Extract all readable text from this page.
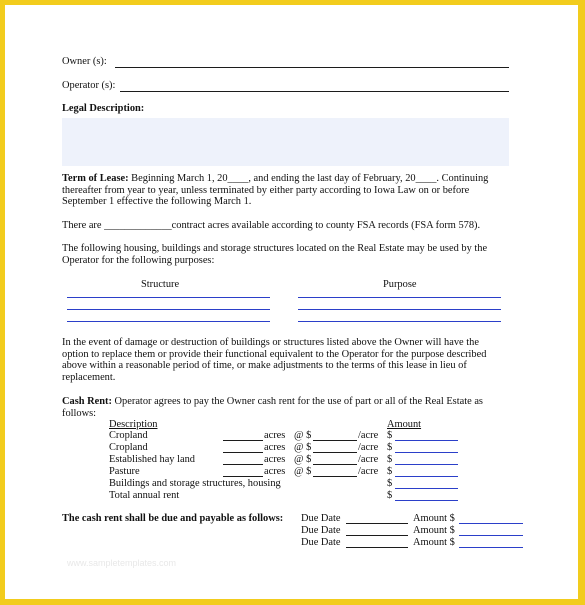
Owner (s):
Operator (s):
Legal Description:
Term of Lease: Beginning March 1, 20____, and ending the last day of February, 20____. Continuing
thereafter from year to year, unless terminated by either party according to Iowa Law on or before
September 1 effective the following March 1.
There are _____________contract acres available according to county FSA records (FSA form 578).
The following housing, buildings and storage structures located on the Real Estate may be used by the
Operator for the following purposes:
Structure	Purpose
In the event of damage or destruction of buildings or structures listed above the Owner will have the
option to replace them or provide their functional equivalent to the Operator for the purpose described
above within a reasonable period of time, or make adjustments to the terms of this lease in lieu of
replacement.
Cash Rent: Operator agrees to pay the Owner cash rent for the use of part or all of the Real Estate as
follows:
Description	Amount
Cropland
Cropland
Established hay land
Pasture
acres
acres
acres
acres
@ $
@ $
@ $
@ $
/acre
/acre
/acre
/acre
$
$
$
$
$
$
Buildings and storage structures, housing
Total annual rent
The cash rent shall be due and payable as follows: Due Date
Due Date
Due Date
Amount $
Amount $
Amount $
www.sampletemplates.com
